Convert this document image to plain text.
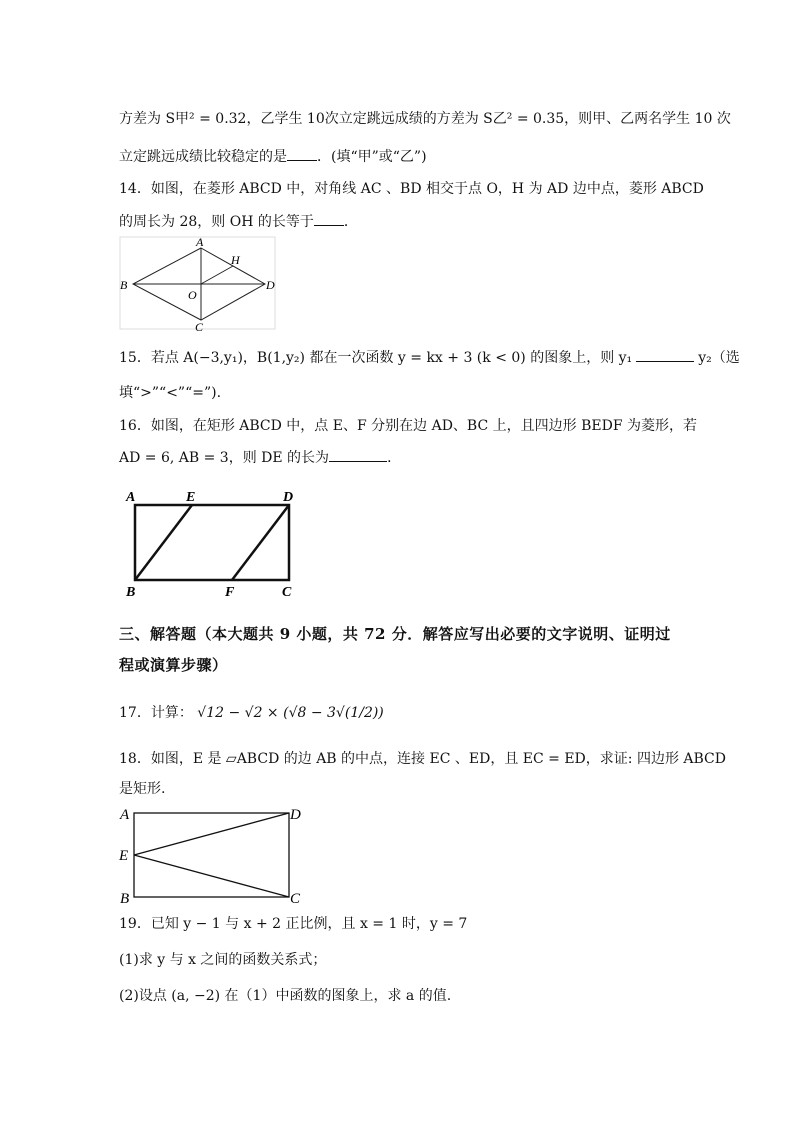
方差为 S甲² = 0.32，乙学生 10次立定跳远成绩的方差为 S乙² = 0.35，则甲、乙两名学生 10 次
立定跳远成绩比较稳定的是 ．(填“甲”或“乙”)
14．如图，在菱形 ABCD 中，对角线 AC 、BD 相交于点 O，H 为 AD 边中点，菱形 ABCD
的周长为 28，则 OH 的长等于 ．
A
H
B
O
D
C
15．若点 A(−3,y₁)，B(1,y₂) 都在一次函数 y = kx + 3 (k < 0) 的图象上，则 y₁	y₂（选
填“>”“<”“=”).
16．如图，在矩形 ABCD 中，点 E、F 分别在边 AD、BC 上，且四边形 BEDF 为菱形，若
AD = 6, AB = 3，则 DE 的长为	．
A	E	D
B	F	C
三、解答题（本大题共 9 小题，共 72 分．解答应写出必要的文字说明、证明过
程或演算步骤）
17．计算： √12 − √2 × (√8 − 3√(1/2))
18．如图，E 是 ▱ABCD 的边 AB 的中点，连接 EC 、ED，且 EC = ED，求证: 四边形 ABCD
是矩形.
A	D
E
B	C
19．已知 y − 1 与 x + 2 正比例，且 x = 1 时，y = 7
(1)求 y 与 x 之间的函数关系式；
(2)设点 (a, −2) 在（1）中函数的图象上，求 a 的值.
